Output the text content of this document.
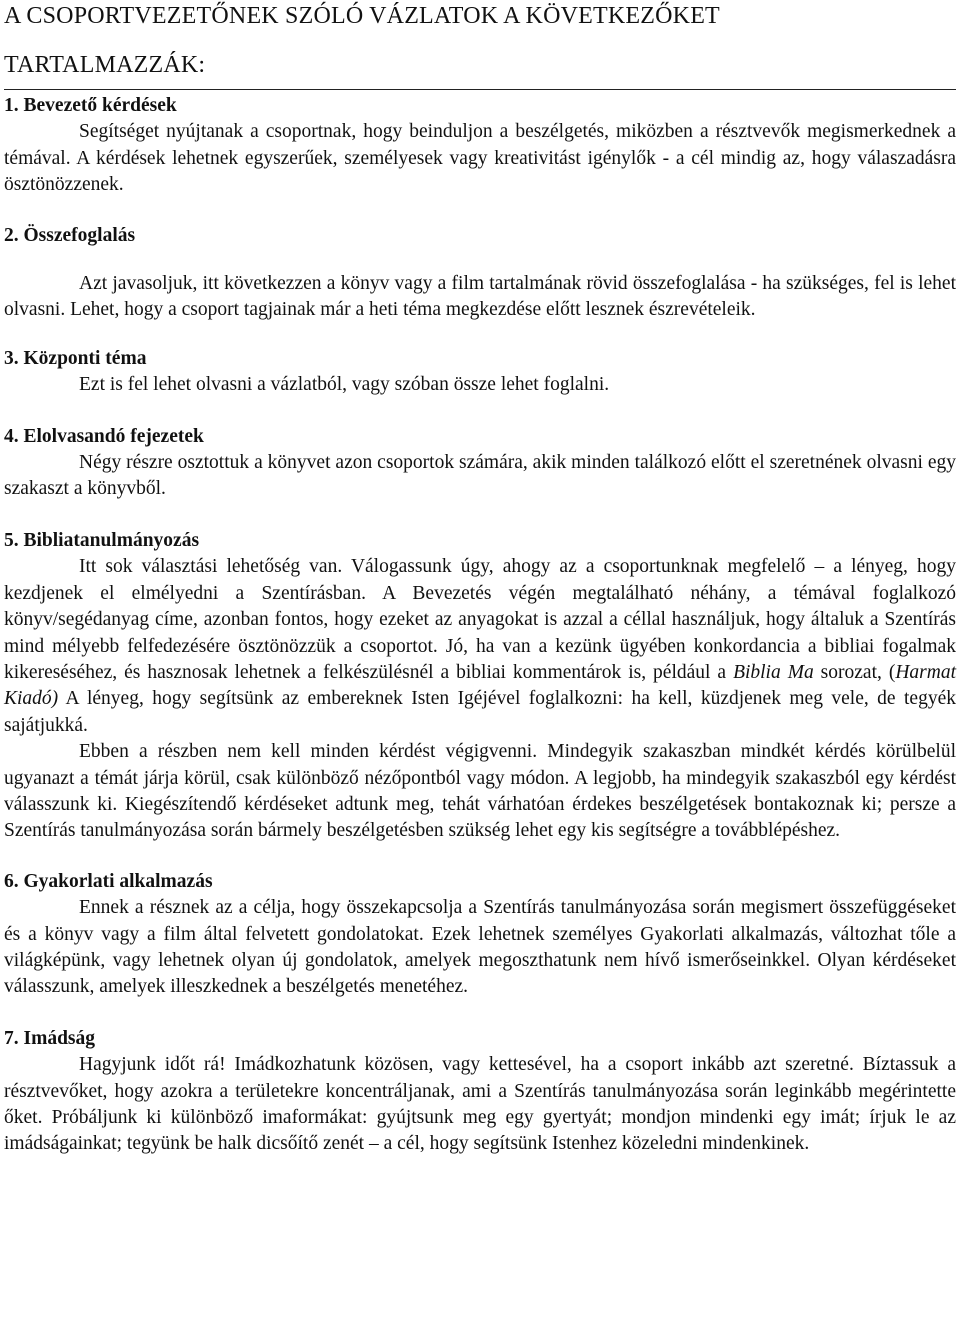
A CSOPORTVEZETŐNEK SZÓLÓ VÁZLATOK A KÖVETKEZŐKET
TARTALMAZZÁK:

1. Bevezető kérdések

Segítséget nyújtanak a csoportnak, hogy beinduljon a beszélgetés, miközben a résztvevők megismerkednek a témával. A kérdések lehetnek egyszerűek, személyesek vagy kreativitást igénylők - a cél mindig az, hogy válaszadásra ösztönözzenek.

2. Összefoglalás

Azt javasoljuk, itt következzen a könyv vagy a film tartalmának rövid összefoglalása - ha szükséges, fel is lehet olvasni. Lehet, hogy a csoport tagjainak már a heti téma megkezdése előtt lesznek észrevételeik.

3. Központi téma

Ezt is fel lehet olvasni a vázlatból, vagy szóban össze lehet foglalni.

4. Elolvasandó fejezetek

Négy részre osztottuk a könyvet azon csoportok számára, akik minden találkozó előtt el szeretnének olvasni egy szakaszt a könyvből.

5. Bibliatanulmányozás

Itt sok választási lehetőség van. Válogassunk úgy, ahogy az a csoportunknak megfelelő – a lényeg, hogy kezdjenek el elmélyedni a Szentírásban. A Bevezetés végén megtalálható néhány, a témával foglalkozó könyv/segédanyag címe, azonban fontos, hogy ezeket az anyagokat is azzal a céllal használjuk, hogy általuk a Szentírás mind mélyebb felfedezésére ösztönözzük a csoportot. Jó, ha van a kezünk ügyében konkordancia a bibliai fogalmak kikereséséhez, és hasznosak lehetnek a felkészülésnél a bibliai kommentárok is, például a Biblia Ma sorozat, (Harmat Kiadó) A lényeg, hogy segítsünk az embereknek Isten Igéjével foglalkozni: ha kell, küzdjenek meg vele, de tegyék sajátjukká.

Ebben a részben nem kell minden kérdést végigvenni. Mindegyik szakaszban mindkét kérdés körülbelül ugyanazt a témát járja körül, csak különböző nézőpontból vagy módon. A legjobb, ha mindegyik szakaszból egy kérdést válasszunk ki. Kiegészítendő kérdéseket adtunk meg, tehát várhatóan érdekes beszélgetések bontakoznak ki; persze a Szentírás tanulmányozása során bármely beszélgetésben szükség lehet egy kis segítségre a továbblépéshez.

6. Gyakorlati alkalmazás

Ennek a résznek az a célja, hogy összekapcsolja a Szentírás tanulmányozása során megismert összefüggéseket és a könyv vagy a film által felvetett gondolatokat. Ezek lehetnek személyes Gyakorlati alkalmazás, változhat tőle a világképünk, vagy lehetnek olyan új gondolatok, amelyek megoszthatunk nem hívő ismerőseinkkel. Olyan kérdéseket válasszunk, amelyek illeszkednek a beszélgetés menetéhez.

7. Imádság

Hagyjunk időt rá! Imádkozhatunk közösen, vagy kettesével, ha a csoport inkább azt szeretné. Bíztassuk a résztvevőket, hogy azokra a területekre koncentráljanak, ami a Szentírás tanulmányozása során leginkább megérintette őket. Próbáljunk ki különböző imaformákat: gyújtsunk meg egy gyertyát; mondjon mindenki egy imát; írjuk le az imádságainkat; tegyünk be halk dicsőítő zenét – a cél, hogy segítsünk Istenhez közeledni mindenkinek.
